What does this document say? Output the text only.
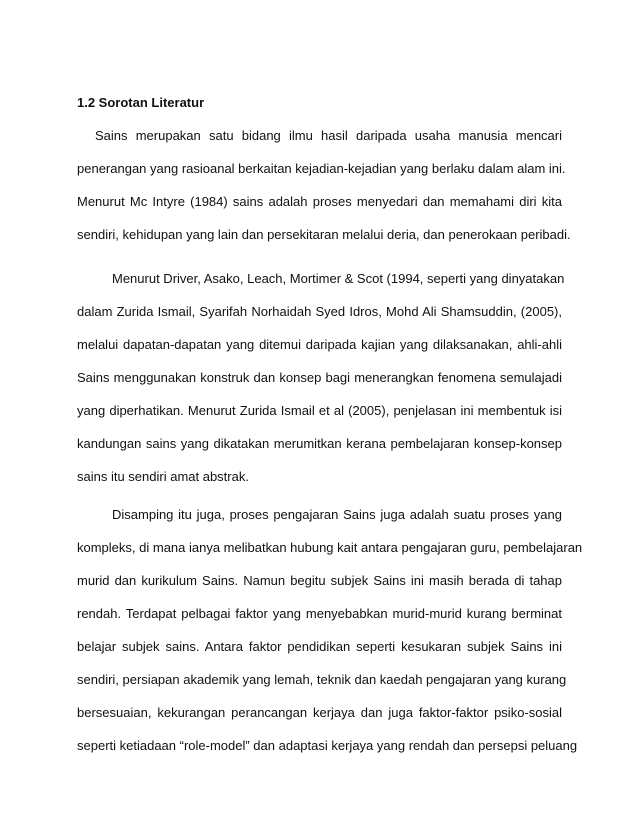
1.2 Sorotan Literatur
Sains merupakan satu bidang ilmu hasil daripada usaha manusia mencari
penerangan yang rasioanal berkaitan kejadian-kejadian yang berlaku dalam alam ini.
Menurut Mc Intyre (1984) sains adalah proses menyedari dan memahami diri kita
sendiri, kehidupan yang lain dan persekitaran melalui deria, dan penerokaan peribadi.
Menurut Driver, Asako, Leach, Mortimer & Scot (1994, seperti yang dinyatakan
dalam Zurida Ismail, Syarifah Norhaidah Syed Idros, Mohd Ali Shamsuddin, (2005),
melalui dapatan-dapatan yang ditemui daripada kajian yang dilaksanakan, ahli-ahli
Sains menggunakan konstruk dan konsep bagi menerangkan fenomena semulajadi
yang diperhatikan. Menurut Zurida Ismail et al (2005), penjelasan ini membentuk isi
kandungan sains yang dikatakan merumitkan kerana pembelajaran konsep-konsep
sains itu sendiri amat abstrak.
Disamping itu juga, proses pengajaran Sains juga adalah suatu proses yang
kompleks, di mana ianya melibatkan hubung kait antara pengajaran guru, pembelajaran
murid dan kurikulum Sains. Namun begitu subjek Sains ini masih berada di tahap
rendah. Terdapat pelbagai faktor yang menyebabkan murid-murid kurang berminat
belajar subjek sains. Antara faktor pendidikan seperti kesukaran subjek Sains ini
sendiri, persiapan akademik yang lemah, teknik dan kaedah pengajaran yang kurang
bersesuaian, kekurangan perancangan kerjaya dan juga faktor-faktor psiko-sosial
seperti ketiadaan “role-model” dan adaptasi kerjaya yang rendah dan persepsi peluang
